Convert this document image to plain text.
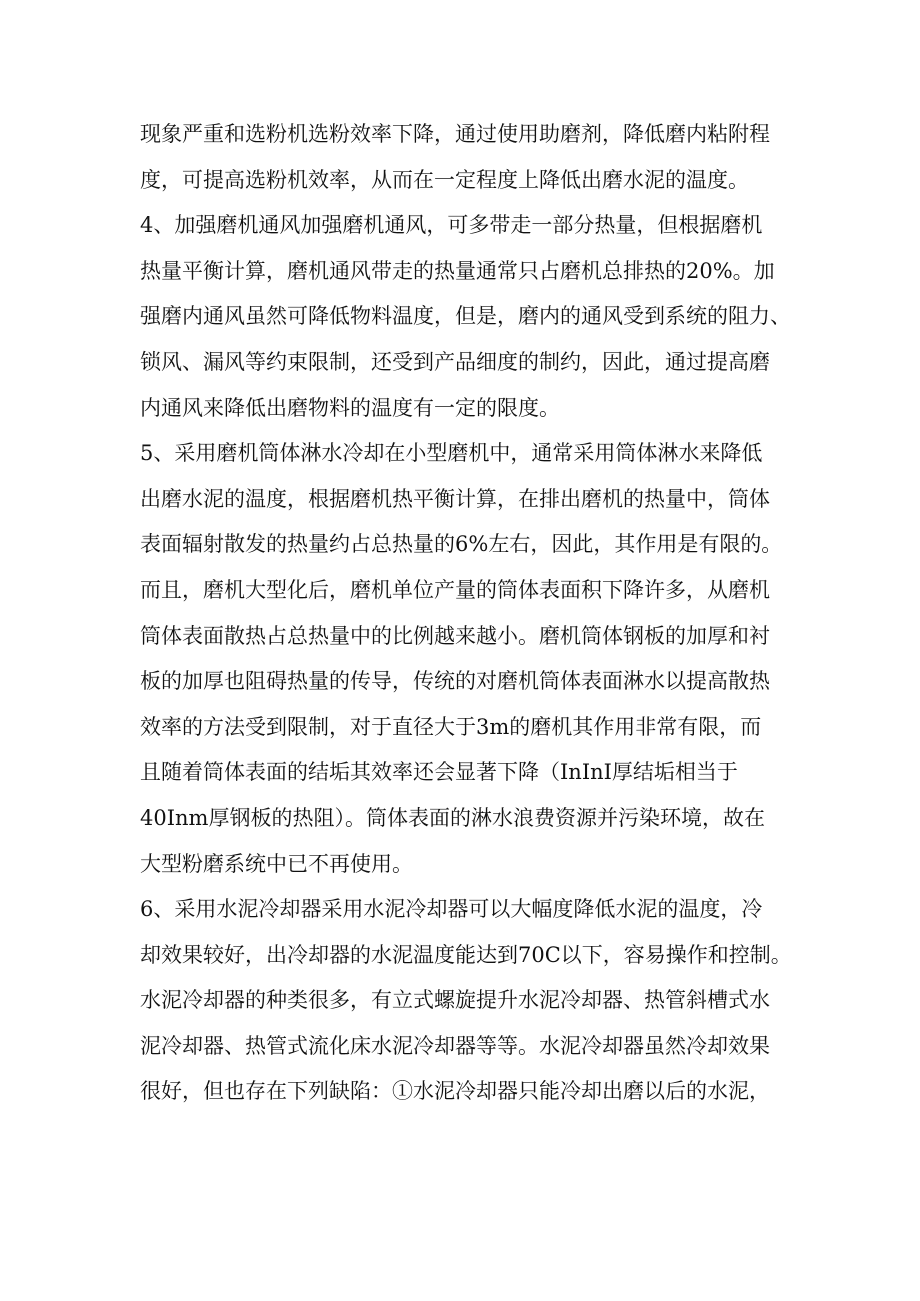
现象严重和选粉机选粉效率下降，通过使用助磨剂，降低磨内粘附程
度，可提高选粉机效率，从而在一定程度上降低出磨水泥的温度。
4、加强磨机通风加强磨机通风，可多带走一部分热量，但根据磨机
热量平衡计算，磨机通风带走的热量通常只占磨机总排热的20%。加
强磨内通风虽然可降低物料温度，但是，磨内的通风受到系统的阻力、
锁风、漏风等约束限制，还受到产品细度的制约，因此，通过提高磨
内通风来降低出磨物料的温度有一定的限度。
5、采用磨机筒体淋水冷却在小型磨机中，通常采用筒体淋水来降低
出磨水泥的温度，根据磨机热平衡计算，在排出磨机的热量中，筒体
表面辐射散发的热量约占总热量的6%左右，因此，其作用是有限的。
而且，磨机大型化后，磨机单位产量的筒体表面积下降许多，从磨机
筒体表面散热占总热量中的比例越来越小。磨机筒体钢板的加厚和衬
板的加厚也阻碍热量的传导，传统的对磨机筒体表面淋水以提高散热
效率的方法受到限制，对于直径大于3m的磨机其作用非常有限，而
且随着筒体表面的结垢其效率还会显著下降（InInI厚结垢相当于
40Inm厚钢板的热阻）。筒体表面的淋水浪费资源并污染环境，故在
大型粉磨系统中已不再使用。
6、采用水泥冷却器采用水泥冷却器可以大幅度降低水泥的温度，冷
却效果较好，出冷却器的水泥温度能达到70C以下，容易操作和控制。
水泥冷却器的种类很多，有立式螺旋提升水泥冷却器、热管斜槽式水
泥冷却器、热管式流化床水泥冷却器等等。水泥冷却器虽然冷却效果
很好，但也存在下列缺陷：①水泥冷却器只能冷却出磨以后的水泥，
